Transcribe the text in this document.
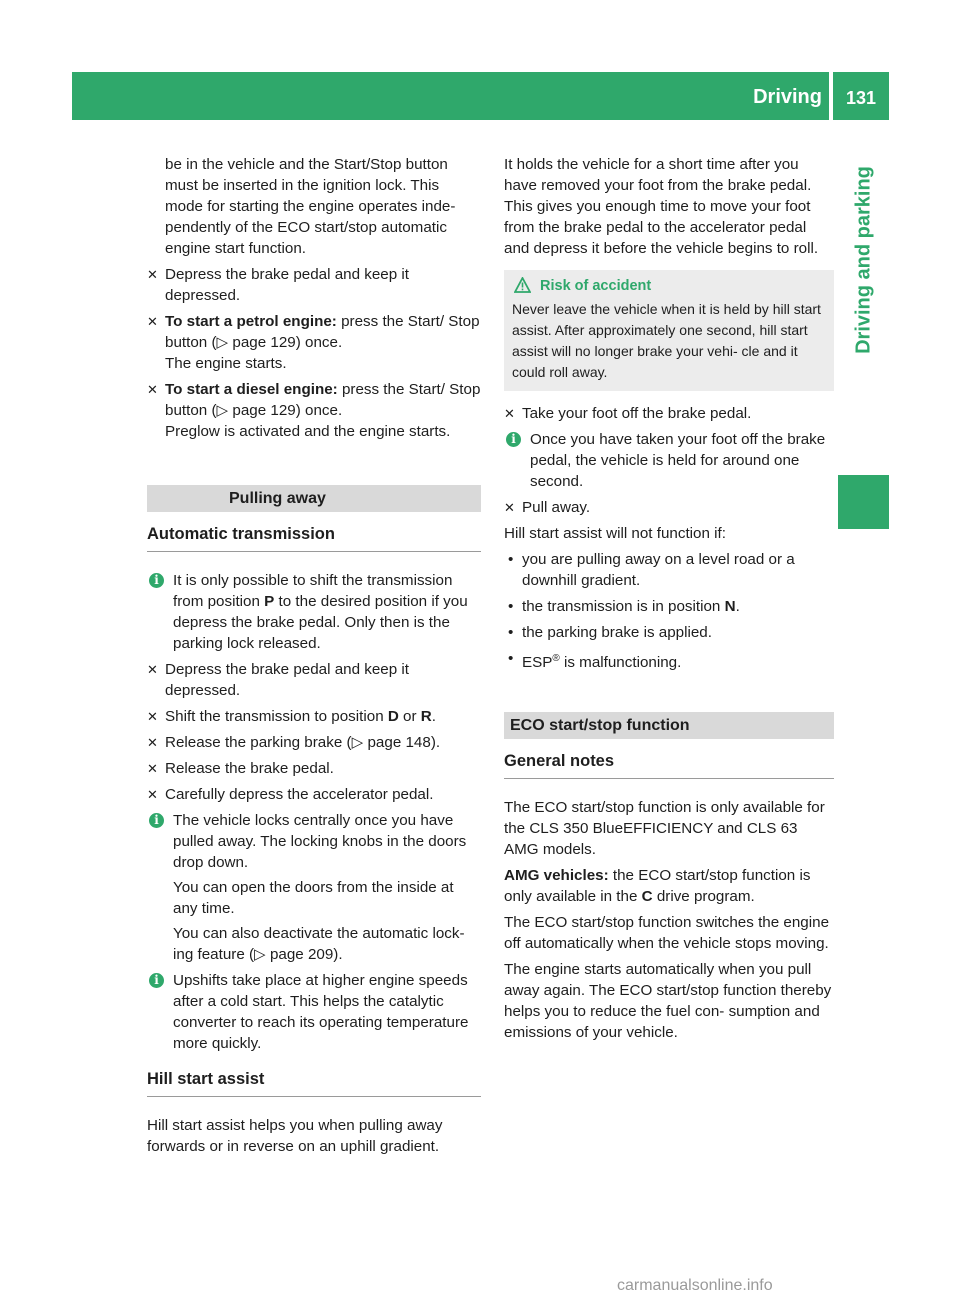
Driving	131
Driving and parking

be in the vehicle and the Start/Stop button must be inserted in the ignition lock. This mode for starting the engine operates inde- pendently of the ECO start/stop automatic engine start function.

✕ Depress the brake pedal and keep it depressed.
✕ To start a petrol engine: press the Start/ Stop button (▷ page 129) once.
The engine starts.
✕ To start a diesel engine: press the Start/ Stop button (▷ page 129) once.
Preglow is activated and the engine starts.
Pulling away
Automatic transmission
i It is only possible to shift the transmission from position P to the desired position if you depress the brake pedal. Only then is the parking lock released.
✕ Depress the brake pedal and keep it depressed.
✕ Shift the transmission to position D or R.
✕ Release the parking brake (▷ page 148).
✕ Release the brake pedal.
✕ Carefully depress the accelerator pedal.
i The vehicle locks centrally once you have pulled away. The locking knobs in the doors drop down.
You can open the doors from the inside at any time.
You can also deactivate the automatic lock- ing feature (▷ page 209).
i Upshifts take place at higher engine speeds after a cold start. This helps the catalytic converter to reach its operating temperature more quickly.
Hill start assist

Hill start assist helps you when pulling away forwards or in reverse on an uphill gradient.

It holds the vehicle for a short time after you have removed your foot from the brake pedal. This gives you enough time to move your foot from the brake pedal to the accelerator pedal and depress it before the vehicle begins to roll.

Risk of accident
Never leave the vehicle when it is held by hill start assist. After approximately one second, hill start assist will no longer brake your vehi- cle and it could roll away.
✕ Take your foot off the brake pedal.
i Once you have taken your foot off the brake pedal, the vehicle is held for around one second.
✕ Pull away.

Hill start assist will not function if:

• you are pulling away on a level road or a downhill gradient.
• the transmission is in position N.
• the parking brake is applied.
• ESP® is malfunctioning.
ECO start/stop function
General notes

The ECO start/stop function is only available for the CLS 350 BlueEFFICIENCY and CLS 63 AMG models.

AMG vehicles: the ECO start/stop function is only available in the C drive program.

The ECO start/stop function switches the engine off automatically when the vehicle stops moving.

The engine starts automatically when you pull away again. The ECO start/stop function thereby helps you to reduce the fuel con- sumption and emissions of your vehicle.

carmanualsonline.info
